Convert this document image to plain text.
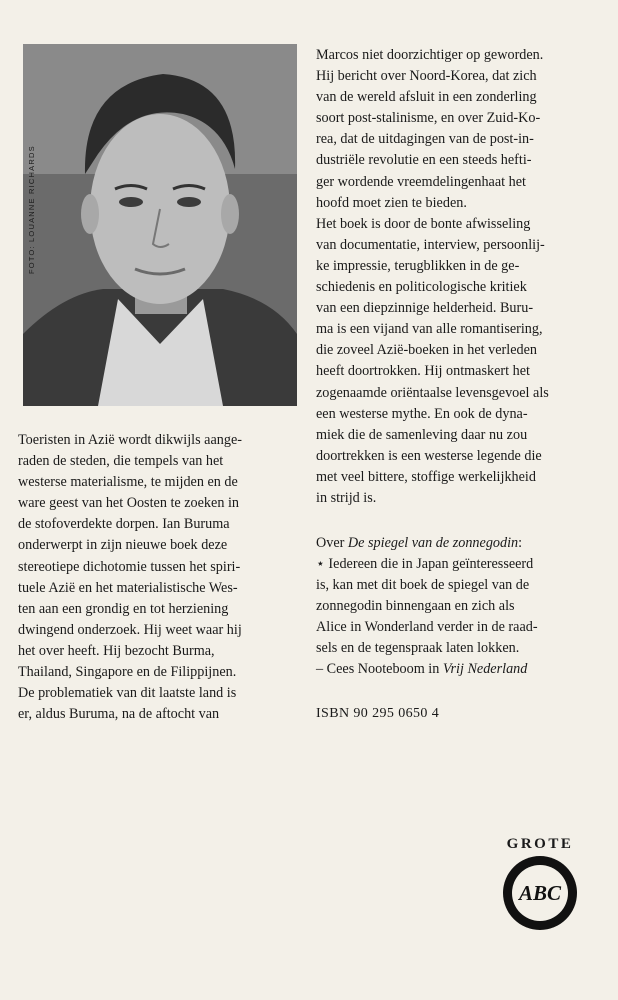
FOTO: LOUANNE RICHARDS
Toeristen in Azië wordt dikwijls aange-
raden de steden, die tempels van het
westerse materialisme, te mijden en de
ware geest van het Oosten te zoeken in
de stofoverdekte dorpen. Ian Buruma
onderwerpt in zijn nieuwe boek deze
stereotiepe dichotomie tussen het spiri-
tuele Azië en het materialistische Wes-
ten aan een grondig en tot herziening
dwingend onderzoek. Hij weet waar hij
het over heeft. Hij bezocht Burma,
Thailand, Singapore en de Filippijnen.
De problematiek van dit laatste land is
er, aldus Buruma, na de aftocht van
Marcos niet doorzichtiger op geworden.
Hij bericht over Noord-Korea, dat zich
van de wereld afsluit in een zonderling
soort post-stalinisme, en over Zuid-Ko-
rea, dat de uitdagingen van de post-in-
dustriële revolutie en een steeds hefti-
ger wordende vreemdelingenhaat het
hoofd moet zien te bieden.
Het boek is door de bonte afwisseling
van documentatie, interview, persoonlij-
ke impressie, terugblikken in de ge-
schiedenis en politicologische kritiek
van een diepzinnige helderheid. Buru-
ma is een vijand van alle romantisering,
die zoveel Azië-boeken in het verleden
heeft doortrokken. Hij ontmaskert het
zogenaamde oriëntaalse levensgevoel als
een westerse mythe. En ook de dyna-
miek die de samenleving daar nu zou
doortrekken is een westerse legende die
met veel bittere, stoffige werkelijkheid
in strijd is.
Over De spiegel van de zonnegodin:
⋆ Iedereen die in Japan geïnteresseerd
is, kan met dit boek de spiegel van de
zonnegodin binnengaan en zich als
Alice in Wonderland verder in de raad-
sels en de tegenspraak laten lokken.
– Cees Nooteboom in Vrij Nederland
ISBN 90 295 0650 4
GROTE
ABC
